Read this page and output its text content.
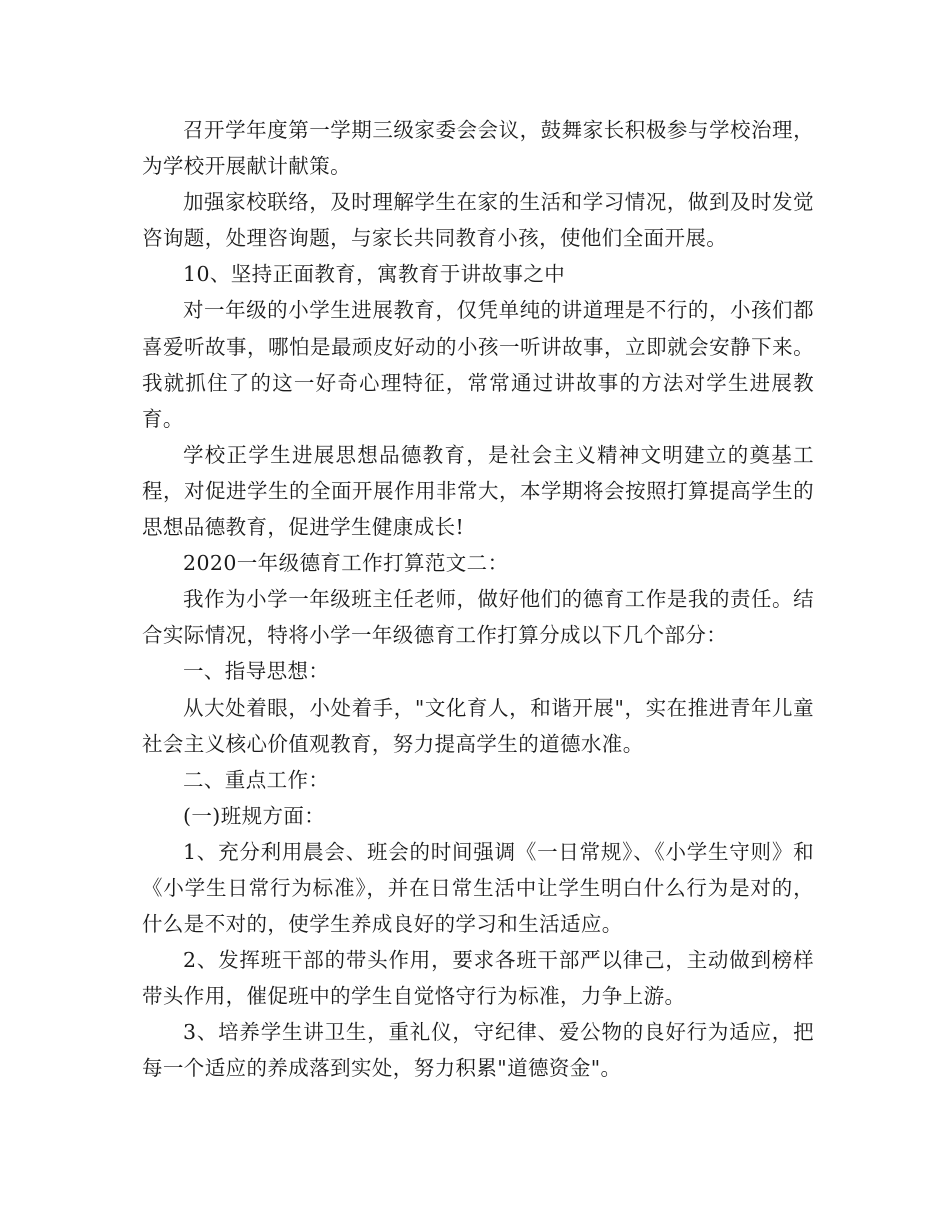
召开学年度第一学期三级家委会会议，鼓舞家长积极参与学校治理，为学校开展献计献策。

加强家校联络，及时理解学生在家的生活和学习情况，做到及时发觉咨询题，处理咨询题，与家长共同教育小孩，使他们全面开展。

10、坚持正面教育，寓教育于讲故事之中

对一年级的小学生进展教育，仅凭单纯的讲道理是不行的，小孩们都喜爱听故事，哪怕是最顽皮好动的小孩一听讲故事，立即就会安静下来。我就抓住了的这一好奇心理特征，常常通过讲故事的方法对学生进展教育。

学校正学生进展思想品德教育，是社会主义精神文明建立的奠基工程，对促进学生的全面开展作用非常大，本学期将会按照打算提高学生的思想品德教育，促进学生健康成长!

2020一年级德育工作打算范文二：

我作为小学一年级班主任老师，做好他们的德育工作是我的责任。结合实际情况，特将小学一年级德育工作打算分成以下几个部分：

一、指导思想：

从大处着眼，小处着手，"文化育人，和谐开展"，实在推进青年儿童社会主义核心价值观教育，努力提高学生的道德水准。

二、重点工作：

(一)班规方面：

1、充分利用晨会、班会的时间强调《一日常规》、《小学生守则》和《小学生日常行为标准》，并在日常生活中让学生明白什么行为是对的，什么是不对的，使学生养成良好的学习和生活适应。

2、发挥班干部的带头作用，要求各班干部严以律己，主动做到榜样带头作用，催促班中的学生自觉恪守行为标准，力争上游。

3、培养学生讲卫生，重礼仪，守纪律、爱公物的良好行为适应，把每一个适应的养成落到实处，努力积累"道德资金"。
